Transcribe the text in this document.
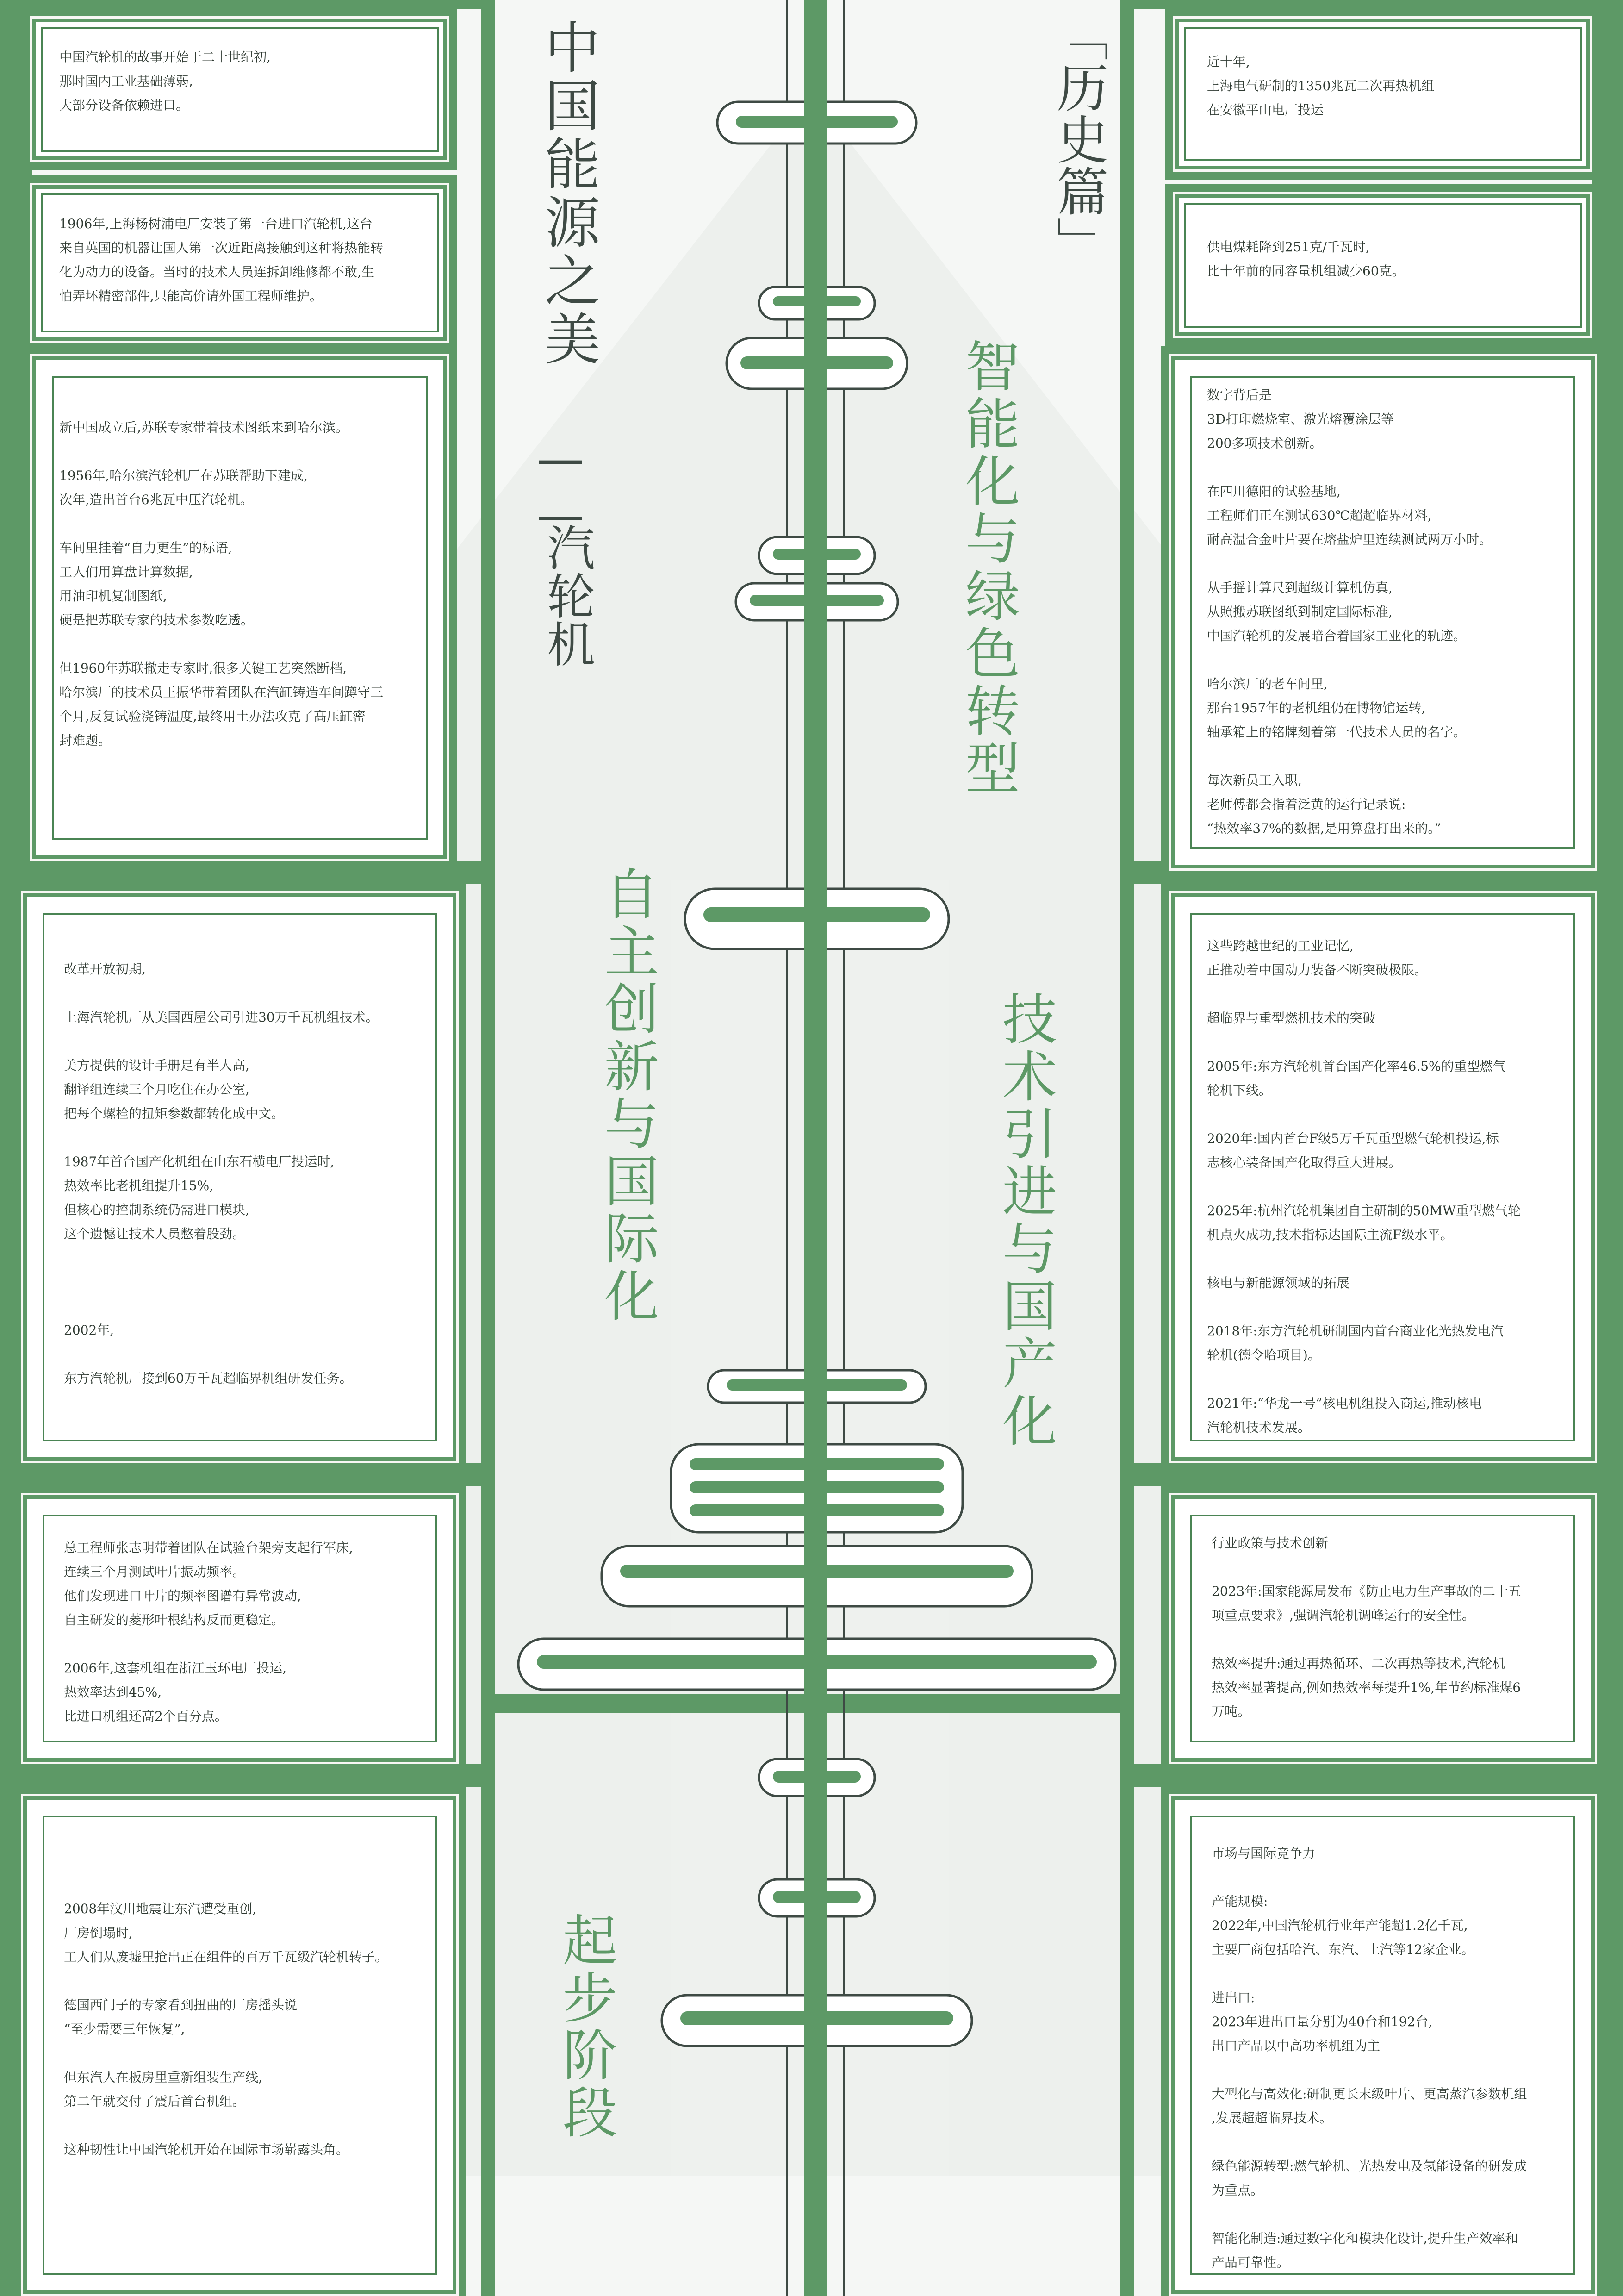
中国汽轮机的故事开始于二十世纪初,
那时国内工业基础薄弱,
大部分设备依赖进口。
1906年,上海杨树浦电厂安装了第一台进口汽轮机,这台
来自英国的机器让国人第一次近距离接触到这种将热能转
化为动力的设备。当时的技术人员连拆卸维修都不敢,生
怕弄坏精密部件,只能高价请外国工程师维护。
新中国成立后,苏联专家带着技术图纸来到哈尔滨。

1956年,哈尔滨汽轮机厂在苏联帮助下建成,
次年,造出首台6兆瓦中压汽轮机。

车间里挂着“自力更生”的标语,
工人们用算盘计算数据,
用油印机复制图纸,
硬是把苏联专家的技术参数吃透。

但1960年苏联撤走专家时,很多关键工艺突然断档,
哈尔滨厂的技术员王振华带着团队在汽缸铸造车间蹲守三
个月,反复试验浇铸温度,最终用土办法攻克了高压缸密
封难题。
改革开放初期,

上海汽轮机厂从美国西屋公司引进30万千瓦机组技术。

美方提供的设计手册足有半人高,
翻译组连续三个月吃住在办公室,
把每个螺栓的扭矩参数都转化成中文。

1987年首台国产化机组在山东石横电厂投运时,
热效率比老机组提升15%,
但核心的控制系统仍需进口模块,
这个遗憾让技术人员憋着股劲。

2002年,

东方汽轮机厂接到60万千瓦超临界机组研发任务。
总工程师张志明带着团队在试验台架旁支起行军床,
连续三个月测试叶片振动频率。
他们发现进口叶片的频率图谱有异常波动,
自主研发的菱形叶根结构反而更稳定。

2006年,这套机组在浙江玉环电厂投运,
热效率达到45%,
比进口机组还高2个百分点。
2008年汶川地震让东汽遭受重创,
厂房倒塌时,
工人们从废墟里抢出正在组件的百万千瓦级汽轮机转子。

德国西门子的专家看到扭曲的厂房摇头说
“至少需要三年恢复”,

但东汽人在板房里重新组装生产线,
第二年就交付了震后首台机组。

这种韧性让中国汽轮机开始在国际市场崭露头角。
近十年,
上海电气研制的1350兆瓦二次再热机组
在安徽平山电厂投运
供电煤耗降到251克/千瓦时,
比十年前的同容量机组减少60克。
数字背后是
3D打印燃烧室、激光熔覆涂层等
200多项技术创新。

在四川德阳的试验基地,
工程师们正在测试630℃超超临界材料,
耐高温合金叶片要在熔盐炉里连续测试两万小时。

从手摇计算尺到超级计算机仿真,
从照搬苏联图纸到制定国际标准,
中国汽轮机的发展暗合着国家工业化的轨迹。

哈尔滨厂的老车间里,
那台1957年的老机组仍在博物馆运转,
轴承箱上的铭牌刻着第一代技术人员的名字。

每次新员工入职,
老师傅都会指着泛黄的运行记录说:
“热效率37%的数据,是用算盘打出来的。”
这些跨越世纪的工业记忆,
正推动着中国动力装备不断突破极限。

超临界与重型燃机技术的突破

2005年:东方汽轮机首台国产化率46.5%的重型燃气
轮机下线。

2020年:国内首台F级5万千瓦重型燃气轮机投运,标
志核心装备国产化取得重大进展。

2025年:杭州汽轮机集团自主研制的50MW重型燃气轮
机点火成功,技术指标达国际主流F级水平。

核电与新能源领域的拓展

2018年:东方汽轮机研制国内首台商业化光热发电汽
轮机(德令哈项目)。

2021年:“华龙一号”核电机组投入商运,推动核电
汽轮机技术发展。
行业政策与技术创新

2023年:国家能源局发布《防止电力生产事故的二十五
项重点要求》,强调汽轮机调峰运行的安全性。

热效率提升:通过再热循环、二次再热等技术,汽轮机
热效率显著提高,例如热效率每提升1%,年节约标准煤6
万吨。
市场与国际竞争力

产能规模:
2022年,中国汽轮机行业年产能超1.2亿千瓦,
主要厂商包括哈汽、东汽、上汽等12家企业。

进出口:
2023年进出口量分别为40台和192台,
出口产品以中高功率机组为主

大型化与高效化:研制更长末级叶片、更高蒸汽参数机组
,发展超超临界技术。

绿色能源转型:燃气轮机、光热发电及氢能设备的研发成
为重点。

智能化制造:通过数字化和模块化设计,提升生产效率和
产品可靠性。
中国能源之美
——
汽轮机
「历史篇」
起步阶段
技术引进与国产化
自主创新与国际化
智能化与绿色转型
